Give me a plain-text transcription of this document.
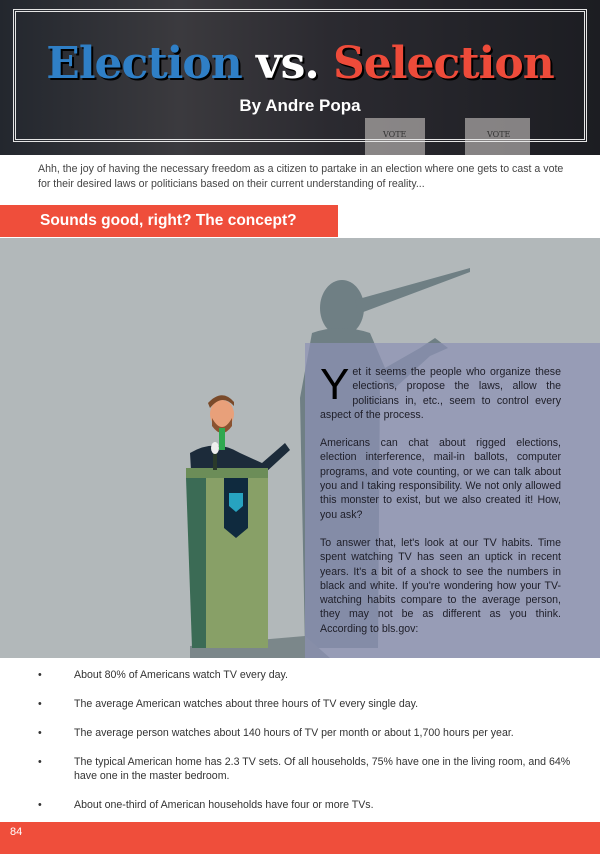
VOTE	VOTE
Election vs. Selection
By Andre Popa

Ahh, the joy of having the necessary freedom as a citizen to partake in an election where one gets to cast a vote for their desired laws or politicians based on their current understanding of reality...

Sounds good, right? The concept?
Yet it seems the people who organize these elections, propose the laws, allow the politicians in, etc., seem to control every aspect of the process.
Americans can chat about rigged elections, election interference, mail-in ballots, computer programs, and vote counting, or we can talk about you and I taking responsibility. We not only allowed this monster to exist, but we also created it! How, you ask?
To answer that, let's look at our TV habits. Time spent watching TV has seen an uptick in recent years. It's a bit of a shock to see the numbers in black and white. If you're wondering how your TV-watching habits compare to the average person, they may not be as different as you think. According to bls.gov:
•	About 80% of Americans watch TV every day.
•	The average American watches about three hours of TV every single day.
•	The average person watches about 140 hours of TV per month or about 1,700 hours per year.
•	The typical American home has 2.3 TV sets. Of all households, 75% have one in the living room, and 64% have one in the master bedroom.
•	About one-third of American households have four or more TVs.
84
